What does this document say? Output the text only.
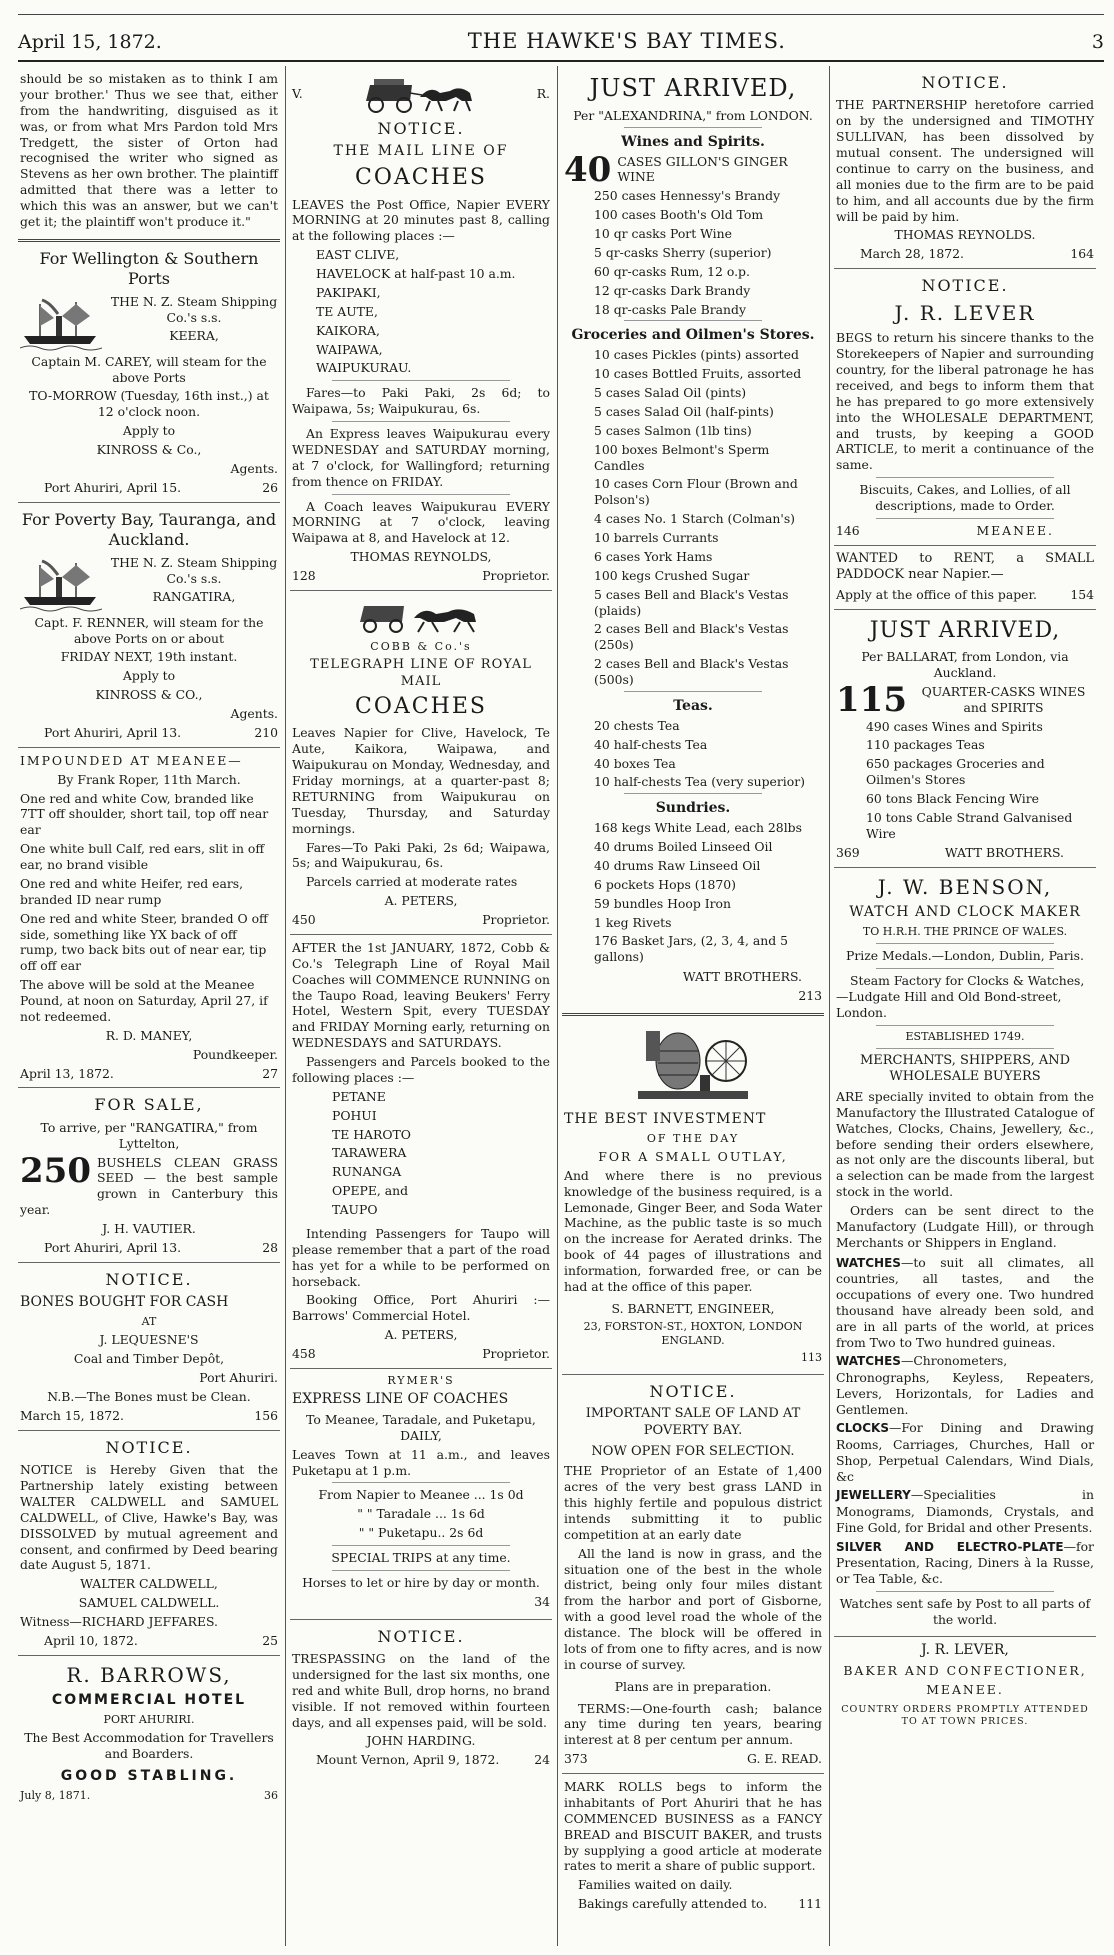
April 15, 1872.	THE HAWKE'S BAY TIMES.	3

should be so mistaken as to think I am your brother.' Thus we see that, either from the handwriting, disguised as it was, or from what Mrs Pardon told Mrs Tredgett, the sister of Orton had recognised the writer who signed as Stevens as her own brother. The plaintiff admitted that there was a letter to which this was an answer, but we can't get it; the plaintiff won't produce it."

For Wellington & Southern Ports

THE N. Z. Steam Shipping Co.'s s.s.

KEERA,

Captain M. CAREY, will steam for the above Ports

TO-MORROW (Tuesday, 16th inst.,) at 12 o'clock noon.

Apply to

KINROSS & Co.,

Agents.

Port Ahuriri, April 15.	26
For Poverty Bay, Tauranga, and Auckland.

THE N. Z. Steam Shipping Co.'s s.s.

RANGATIRA,

Capt. F. RENNER, will steam for the above Ports on or about

FRIDAY NEXT, 19th instant.

Apply to

KINROSS & CO.,

Agents.

Port Ahuriri, April 13.	210

IMPOUNDED AT MEANEE—

By Frank Roper, 11th March.

One red and white Cow, branded like 7TT off shoulder, short tail, top off near ear

One white bull Calf, red ears, slit in off ear, no brand visible

One red and white Heifer, red ears, branded ID near rump

One red and white Steer, branded O off side, something like YX back of off rump, two back bits out of near ear, tip off off ear

The above will be sold at the Meanee Pound, at noon on Saturday, April 27, if not redeemed.

R. D. MANEY,

Poundkeeper.

April 13, 1872.	27
FOR SALE,

To arrive, per "RANGATIRA," from Lyttelton,

250 BUSHELS CLEAN GRASS SEED — the best sample grown in Canterbury this year.

J. H. VAUTIER.

Port Ahuriri, April 13.	28
NOTICE.

BONES BOUGHT FOR CASH

AT

J. LEQUESNE'S

Coal and Timber Depôt,

Port Ahuriri.

N.B.—The Bones must be Clean.

March 15, 1872.	156
NOTICE.

NOTICE is Hereby Given that the Partnership lately existing between WALTER CALDWELL and SAMUEL CALDWELL, of Clive, Hawke's Bay, was DISSOLVED by mutual agreement and consent, and confirmed by Deed bearing date August 5, 1871.

WALTER CALDWELL,

SAMUEL CALDWELL.

Witness—RICHARD JEFFARES.

April 10, 1872.	25
R. BARROWS,

COMMERCIAL HOTEL

PORT AHURIRI.

The Best Accommodation for Travellers and Boarders.

GOOD STABLING.

July 8, 1871.	36
V.	R.
NOTICE.

THE MAIL LINE OF

COACHES

LEAVES the Post Office, Napier EVERY MORNING at 20 minutes past 8, calling at the following places :—

EAST CLIVE,

HAVELOCK at half-past 10 a.m.

PAKIPAKI,

TE AUTE,

KAIKORA,

WAIPAWA,

WAIPUKURAU.

Fares—to Paki Paki, 2s 6d; to Waipawa, 5s; Waipukurau, 6s.

An Express leaves Waipukurau every WEDNESDAY and SATURDAY morning, at 7 o'clock, for Wallingford; returning from thence on FRIDAY.

A Coach leaves Waipukurau EVERY MORNING at 7 o'clock, leaving Waipawa at 8, and Havelock at 12.

THOMAS REYNOLDS,

128	Proprietor.

COBB & Co.'s

TELEGRAPH LINE OF ROYAL MAIL

COACHES

Leaves Napier for Clive, Havelock, Te Aute, Kaikora, Waipawa, and Waipukurau on Monday, Wednesday, and Friday mornings, at a quarter-past 8; RETURNING from Waipukurau on Tuesday, Thursday, and Saturday mornings.

Fares—To Paki Paki, 2s 6d; Waipawa, 5s; and Waipukurau, 6s.

Parcels carried at moderate rates

A. PETERS,

450	Proprietor.

AFTER the 1st JANUARY, 1872, Cobb & Co.'s Telegraph Line of Royal Mail Coaches will COMMENCE RUNNING on the Taupo Road, leaving Beukers' Ferry Hotel, Western Spit, every TUESDAY and FRIDAY Morning early, returning on WEDNESDAYS and SATURDAYS.

Passengers and Parcels booked to the following places :—

PETANE

POHUI

TE HAROTO

TARAWERA

RUNANGA

OPEPE, and

TAUPO

Intending Passengers for Taupo will please remember that a part of the road has yet for a while to be performed on horseback.

Booking Office, Port Ahuriri :—Barrows' Commercial Hotel.

A. PETERS,

458	Proprietor.

RYMER'S

EXPRESS LINE OF COACHES

To Meanee, Taradale, and Puketapu, DAILY,

Leaves Town at 11 a.m., and leaves Puketapu at 1 p.m.

From Napier to Meanee ... 1s 0d

" " Taradale ... 1s 6d

" " Puketapu.. 2s 6d

SPECIAL TRIPS at any time.

Horses to let or hire by day or month.

34

NOTICE.

TRESPASSING on the land of the undersigned for the last six months, one red and white Bull, drop horns, no brand visible. If not removed within fourteen days, and all expenses paid, will be sold.

JOHN HARDING.

Mount Vernon, April 9, 1872.	24
JUST ARRIVED,

Per "ALEXANDRINA," from LONDON.

Wines and Spirits.
40 CASES GILLON'S GINGER WINE

250 cases Hennessy's Brandy

100 cases Booth's Old Tom

10 qr casks Port Wine

5 qr-casks Sherry (superior)

60 qr-casks Rum, 12 o.p.

12 qr-casks Dark Brandy

18 qr-casks Pale Brandy

Groceries and Oilmen's Stores.

10 cases Pickles (pints) assorted

10 cases Bottled Fruits, assorted

5 cases Salad Oil (pints)

5 cases Salad Oil (half-pints)

5 cases Salmon (1lb tins)

100 boxes Belmont's Sperm Candles

10 cases Corn Flour (Brown and Polson's)

4 cases No. 1 Starch (Colman's)

10 barrels Currants

6 cases York Hams

100 kegs Crushed Sugar

5 cases Bell and Black's Vestas (plaids)

2 cases Bell and Black's Vestas (250s)

2 cases Bell and Black's Vestas (500s)

Teas.

20 chests Tea

40 half-chests Tea

40 boxes Tea

10 half-chests Tea (very superior)

Sundries.

168 kegs White Lead, each 28lbs

40 drums Boiled Linseed Oil

40 drums Raw Linseed Oil

6 pockets Hops (1870)

59 bundles Hoop Iron

1 keg Rivets

176 Basket Jars, (2, 3, 4, and 5 gallons)

WATT BROTHERS.

213

THE BEST INVESTMENT

OF THE DAY

FOR A SMALL OUTLAY,

And where there is no previous knowledge of the business required, is a Lemonade, Ginger Beer, and Soda Water Machine, as the public taste is so much on the increase for Aerated drinks. The book of 44 pages of illustrations and information, forwarded free, or can be had at the office of this paper.

S. BARNETT, ENGINEER,

23, FORSTON-ST., HOXTON, LONDON ENGLAND.

113

NOTICE.

IMPORTANT SALE OF LAND AT POVERTY BAY.

NOW OPEN FOR SELECTION.

THE Proprietor of an Estate of 1,400 acres of the very best grass LAND in this highly fertile and populous district intends submitting it to public competition at an early date

All the land is now in grass, and the situation one of the best in the whole district, being only four miles distant from the harbor and port of Gisborne, with a good level road the whole of the distance. The block will be offered in lots of from one to fifty acres, and is now in course of survey.

Plans are in preparation.

TERMS:—One-fourth cash; balance any time during ten years, bearing interest at 8 per centum per annum.

373	G. E. READ.

MARK ROLLS begs to inform the inhabitants of Port Ahuriri that he has COMMENCED BUSINESS as a FANCY BREAD and BISCUIT BAKER, and trusts by supplying a good article at moderate rates to merit a share of public support.

Families waited on daily.

Bakings carefully attended to.	111
NOTICE.

THE PARTNERSHIP heretofore carried on by the undersigned and TIMOTHY SULLIVAN, has been dissolved by mutual consent. The undersigned will continue to carry on the business, and all monies due to the firm are to be paid to him, and all accounts due by the firm will be paid by him.

THOMAS REYNOLDS.

March 28, 1872.	164
NOTICE.
J. R. LEVER

BEGS to return his sincere thanks to the Storekeepers of Napier and surrounding country, for the liberal patronage he has received, and begs to inform them that he has prepared to go more extensively into the WHOLESALE DEPARTMENT, and trusts, by keeping a GOOD ARTICLE, to merit a continuance of the same.

Biscuits, Cakes, and Lollies, of all descriptions, made to Order.

146	MEANEE.

WANTED to RENT, a SMALL PADDOCK near Napier.—

Apply at the office of this paper.	154
JUST ARRIVED,

Per BALLARAT, from London, via Auckland.

115	QUARTER-CASKS WINES and SPIRITS

490 cases Wines and Spirits

110 packages Teas

650 packages Groceries and Oilmen's Stores

60 tons Black Fencing Wire

10 tons Cable Strand Galvanised Wire

369	WATT BROTHERS.
J. W. BENSON,

WATCH AND CLOCK MAKER

TO H.R.H. THE PRINCE OF WALES.

Prize Medals.—London, Dublin, Paris.

Steam Factory for Clocks & Watches, —Ludgate Hill and Old Bond-street, London.

ESTABLISHED 1749.

MERCHANTS, SHIPPERS, AND WHOLESALE BUYERS

ARE specially invited to obtain from the Manufactory the Illustrated Catalogue of Watches, Clocks, Chains, Jewellery, &c., before sending their orders elsewhere, as not only are the discounts liberal, but a selection can be made from the largest stock in the world.

Orders can be sent direct to the Manufactory (Ludgate Hill), or through Merchants or Shippers in England.

WATCHES—to suit all climates, all countries, all tastes, and the occupations of every one. Two hundred thousand have already been sold, and are in all parts of the world, at prices from Two to Two hundred guineas.

WATCHES—Chronometers, Chronographs, Keyless, Repeaters, Levers, Horizontals, for Ladies and Gentlemen.

CLOCKS—For Dining and Drawing Rooms, Carriages, Churches, Hall or Shop, Perpetual Calendars, Wind Dials, &c

JEWELLERY—Specialities in Monograms, Diamonds, Crystals, and Fine Gold, for Bridal and other Presents.

SILVER AND ELECTRO-PLATE—for Presentation, Racing, Diners à la Russe, or Tea Table, &c.

Watches sent safe by Post to all parts of the world.

J. R. LEVER,

BAKER AND CONFECTIONER,

MEANEE.

COUNTRY ORDERS PROMPTLY ATTENDED TO AT TOWN PRICES.
